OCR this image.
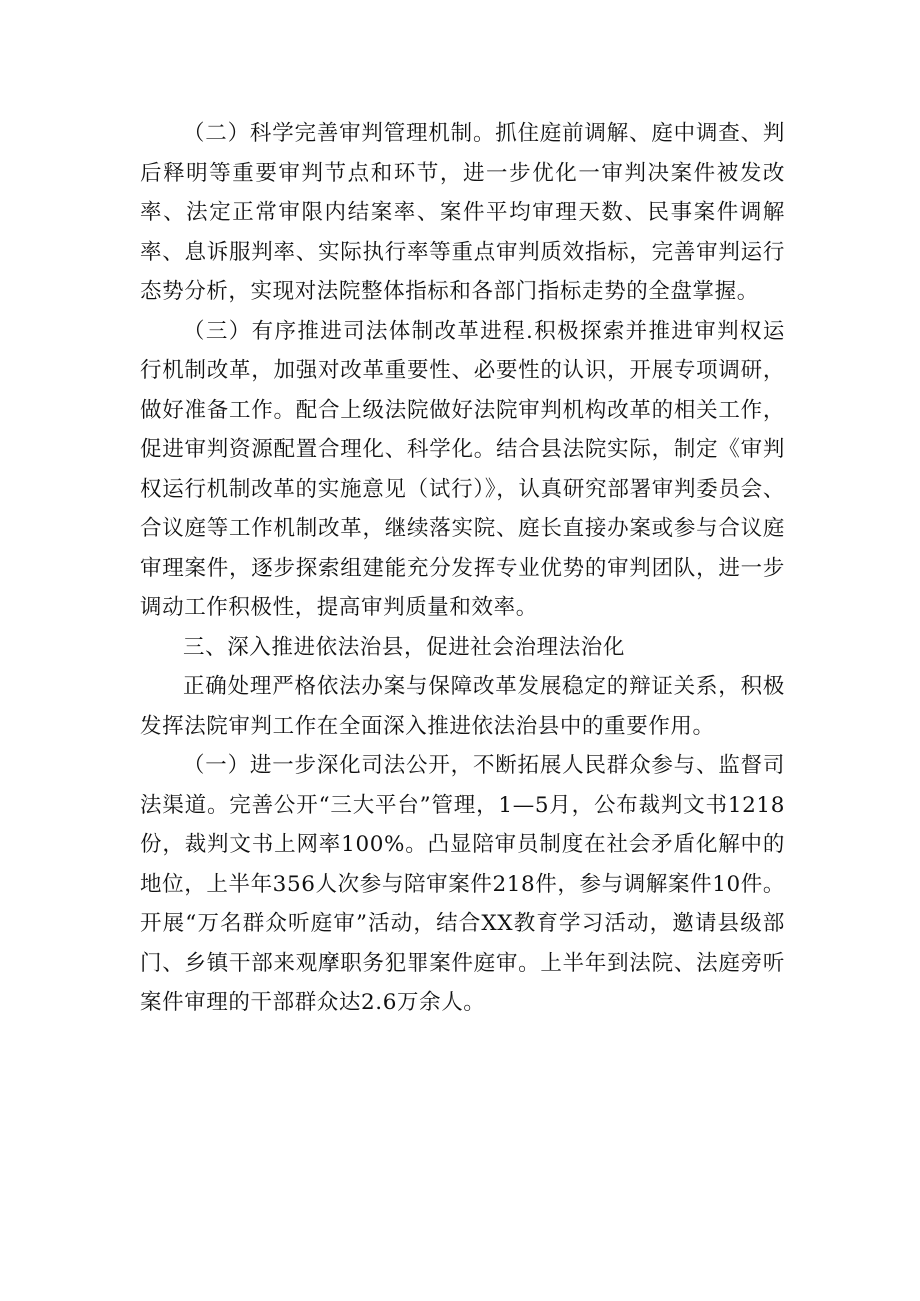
（二）科学完善审判管理机制。抓住庭前调解、庭中调查、判后释明等重要审判节点和环节，进一步优化一审判决案件被发改率、法定正常审限内结案率、案件平均审理天数、民事案件调解率、息诉服判率、实际执行率等重点审判质效指标，完善审判运行态势分析，实现对法院整体指标和各部门指标走势的全盘掌握。

（三）有序推进司法体制改革进程.积极探索并推进审判权运行机制改革，加强对改革重要性、必要性的认识，开展专项调研，做好准备工作。配合上级法院做好法院审判机构改革的相关工作，促进审判资源配置合理化、科学化。结合县法院实际，制定《审判权运行机制改革的实施意见（试行）》，认真研究部署审判委员会、合议庭等工作机制改革，继续落实院、庭长直接办案或参与合议庭审理案件，逐步探索组建能充分发挥专业优势的审判团队，进一步调动工作积极性，提高审判质量和效率。

三、深入推进依法治县，促进社会治理法治化

正确处理严格依法办案与保障改革发展稳定的辩证关系，积极发挥法院审判工作在全面深入推进依法治县中的重要作用。

（一）进一步深化司法公开，不断拓展人民群众参与、监督司法渠道。完善公开“三大平台”管理，1—5月，公布裁判文书1218份，裁判文书上网率100%。凸显陪审员制度在社会矛盾化解中的地位，上半年356人次参与陪审案件218件，参与调解案件10件。开展“万名群众听庭审”活动，结合XX教育学习活动，邀请县级部门、乡镇干部来观摩职务犯罪案件庭审。上半年到法院、法庭旁听案件审理的干部群众达2.6万余人。
